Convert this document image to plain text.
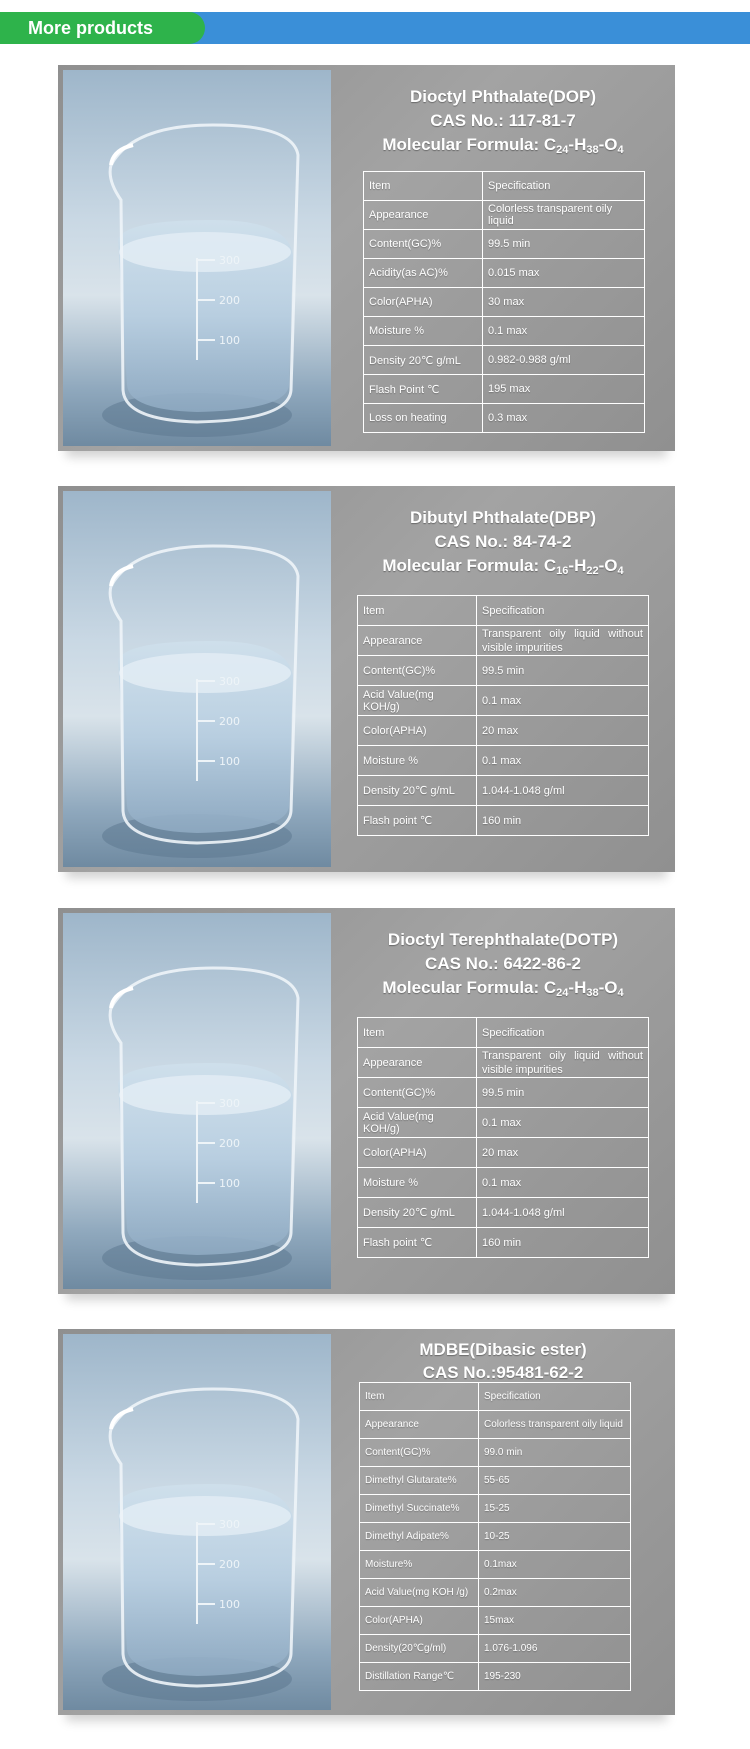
More products
300
200
100
Dioctyl Phthalate(DOP)
CAS No.: 117-81-7
Molecular Formula: $C_{24}-H_{38}-O_4$
Item	Specification
Appearance	Colorless transparent oily liquid
Content(GC)%	99.5 min
Acidity(as AC)%	0.015 max
Color(APHA)	30 max
Moisture %	0.1 max
Density 20℃ g/mL	0.982-0.988 g/ml
Flash Point ℃	195 max
Loss on heating	0.3 max
300
200
100
Dibutyl Phthalate(DBP)
CAS No.: 84-74-2
Molecular Formula: $C_{16}-H_{22}-O_4$
Item	Specification
Appearance	Transparent oily liquid without visible impurities
Content(GC)%	99.5 min
Acid Value(mg KOH/g)	0.1 max
Color(APHA)	20 max
Moisture %	0.1 max
Density 20℃ g/mL	1.044-1.048 g/ml
Flash point ℃	160 min
300
200
100
Dioctyl Terephthalate(DOTP)
CAS No.: 6422-86-2
Molecular Formula: $C_{24}-H_{38}-O_4$
Item	Specification
Appearance	Transparent oily liquid without visible impurities
Content(GC)%	99.5 min
Acid Value(mg KOH/g)	0.1 max
Color(APHA)	20 max
Moisture %	0.1 max
Density 20℃ g/mL	1.044-1.048 g/ml
Flash point ℃	160 min
300
200
100
MDBE(Dibasic ester)
CAS No.:95481-62-2
Item	Specification
Appearance	Colorless transparent oily liquid
Content(GC)%	99.0 min
Dimethyl Glutarate%	55-65
Dimethyl Succinate%	15-25
Dimethyl Adipate%	10-25
Moisture%	0.1max
Acid Value(mg KOH /g)	0.2max
Color(APHA)	15max
Density(20℃g/ml)	1.076-1.096
Distillation Range℃	195-230
